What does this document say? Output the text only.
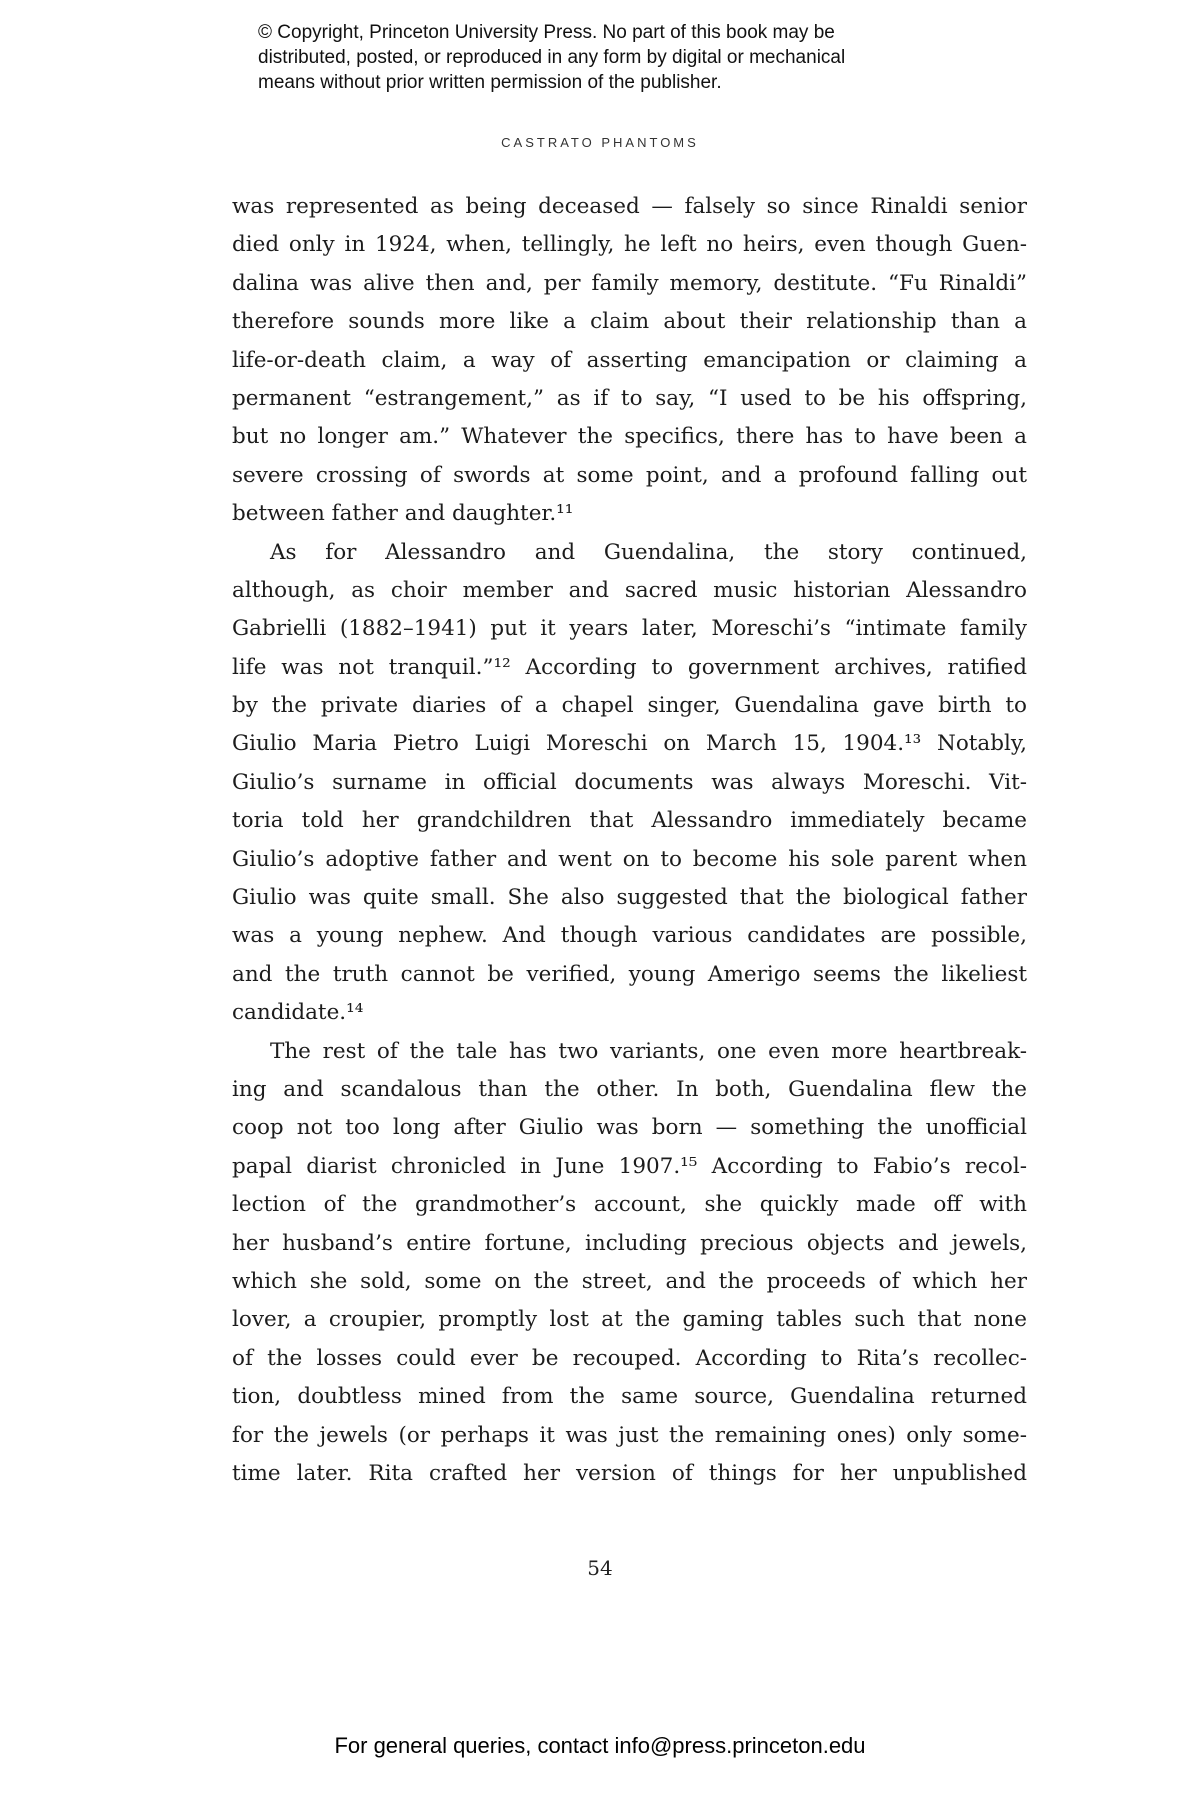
© Copyright, Princeton University Press. No part of this book may be
distributed, posted, or reproduced in any form by digital or mechanical
means without prior written permission of the publisher.
CASTRATO PHANTOMS
was represented as being deceased — falsely so since Rinaldi senior
died only in 1924, when, tellingly, he left no heirs, even though Guen-
dalina was alive then and, per family memory, destitute. “Fu Rinaldi”
therefore sounds more like a claim about their relationship than a
life-or-death claim, a way of asserting emancipation or claiming a
permanent “estrangement,” as if to say, “I used to be his offspring,
but no longer am.” Whatever the specifics, there has to have been a
severe crossing of swords at some point, and a profound falling out
between father and daughter.¹¹
As for Alessandro and Guendalina, the story continued,
although, as choir member and sacred music historian Alessandro
Gabrielli (1882–1941) put it years later, Moreschi’s “intimate family
life was not tranquil.”¹² According to government archives, ratified
by the private diaries of a chapel singer, Guendalina gave birth to
Giulio Maria Pietro Luigi Moreschi on March 15, 1904.¹³ Notably,
Giulio’s surname in official documents was always Moreschi. Vit-
toria told her grandchildren that Alessandro immediately became
Giulio’s adoptive father and went on to become his sole parent when
Giulio was quite small. She also suggested that the biological father
was a young nephew. And though various candidates are possible,
and the truth cannot be verified, young Amerigo seems the likeliest
candidate.¹⁴
The rest of the tale has two variants, one even more heartbreak-
ing and scandalous than the other. In both, Guendalina flew the
coop not too long after Giulio was born — something the unofficial
papal diarist chronicled in June 1907.¹⁵ According to Fabio’s recol-
lection of the grandmother’s account, she quickly made off with
her husband’s entire fortune, including precious objects and jewels,
which she sold, some on the street, and the proceeds of which her
lover, a croupier, promptly lost at the gaming tables such that none
of the losses could ever be recouped. According to Rita’s recollec-
tion, doubtless mined from the same source, Guendalina returned
for the jewels (or perhaps it was just the remaining ones) only some-
time later. Rita crafted her version of things for her unpublished
54
For general queries, contact info@press.princeton.edu
